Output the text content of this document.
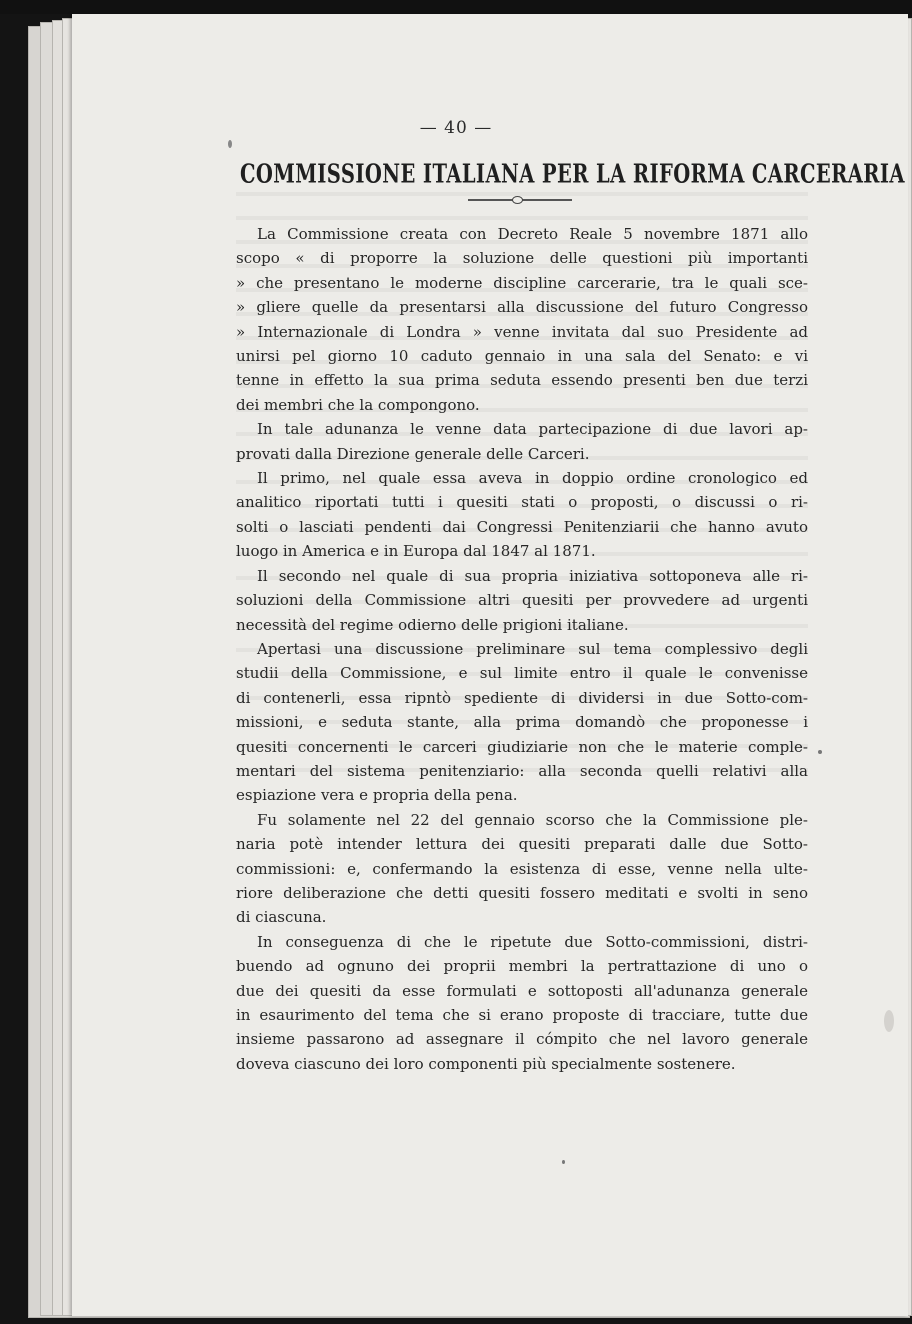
— 40 —
COMMISSIONE ITALIANA PER LA RIFORMA CARCERARIA
La Commissione creata con Decreto Reale 5 novembre 1871 allo
scopo « di proporre la soluzione delle questioni più importanti
» che presentano le moderne discipline carcerarie, tra le quali sce-
» gliere quelle da presentarsi alla discussione del futuro Congresso
» Internazionale di Londra » venne invitata dal suo Presidente ad
unirsi pel giorno 10 caduto gennaio in una sala del Senato: e vi
tenne in effetto la sua prima seduta essendo presenti ben due terzi
dei membri che la compongono.
In tale adunanza le venne data partecipazione di due lavori ap-
provati dalla Direzione generale delle Carceri.
Il primo, nel quale essa aveva in doppio ordine cronologico ed
analitico riportati tutti i quesiti stati o proposti, o discussi o ri-
solti o lasciati pendenti dai Congressi Penitenziarii che hanno avuto
luogo in America e in Europa dal 1847 al 1871.
Il secondo nel quale di sua propria iniziativa sottoponeva alle ri-
soluzioni della Commissione altri quesiti per provvedere ad urgenti
necessità del regime odierno delle prigioni italiane.
Apertasi una discussione preliminare sul tema complessivo degli
studii della Commissione, e sul limite entro il quale le convenisse
di contenerli, essa ripntò spediente di dividersi in due Sotto-com-
missioni, e seduta stante, alla prima domandò che proponesse i
quesiti concernenti le carceri giudiziarie non che le materie comple-
mentari del sistema penitenziario: alla seconda quelli relativi alla
espiazione vera e propria della pena.
Fu solamente nel 22 del gennaio scorso che la Commissione ple-
naria potè intender lettura dei quesiti preparati dalle due Sotto-
commissioni: e, confermando la esistenza di esse, venne nella ulte-
riore deliberazione che detti quesiti fossero meditati e svolti in seno
di ciascuna.
In conseguenza di che le ripetute due Sotto-commissioni, distri-
buendo ad ognuno dei proprii membri la pertrattazione di uno o
due dei quesiti da esse formulati e sottoposti all'adunanza generale
in esaurimento del tema che si erano proposte di tracciare, tutte due
insieme passarono ad assegnare il cómpito che nel lavoro generale
doveva ciascuno dei loro componenti più specialmente sostenere.
